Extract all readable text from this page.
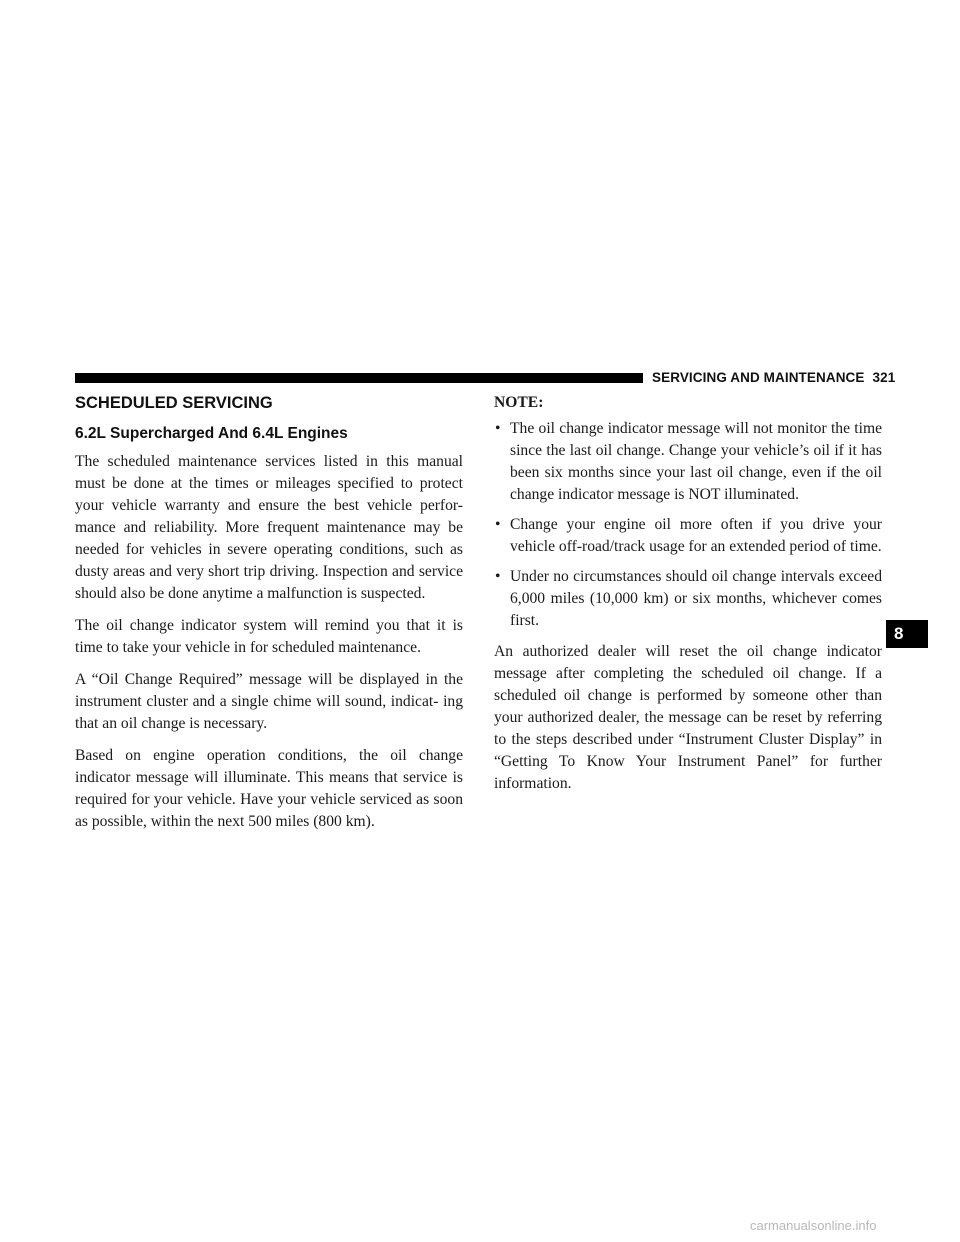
SERVICING AND MAINTENANCE 321
SCHEDULED SERVICING
6.2L Supercharged And 6.4L Engines

The scheduled maintenance services listed in this manual must be done at the times or mileages specified to protect your vehicle warranty and ensure the best vehicle perfor- mance and reliability. More frequent maintenance may be needed for vehicles in severe operating conditions, such as dusty areas and very short trip driving. Inspection and service should also be done anytime a malfunction is suspected.

The oil change indicator system will remind you that it is time to take your vehicle in for scheduled maintenance.

A “Oil Change Required” message will be displayed in the instrument cluster and a single chime will sound, indicat- ing that an oil change is necessary.

Based on engine operation conditions, the oil change indicator message will illuminate. This means that service is required for your vehicle. Have your vehicle serviced as soon as possible, within the next 500 miles (800 km).

NOTE:
• The oil change indicator message will not monitor the time since the last oil change. Change your vehicle’s oil if it has been six months since your last oil change, even if the oil change indicator message is NOT illuminated.
• Change your engine oil more often if you drive your vehicle off-road/track usage for an extended period of time.
• Under no circumstances should oil change intervals exceed 6,000 miles (10,000 km) or six months, whichever comes first.

An authorized dealer will reset the oil change indicator message after completing the scheduled oil change. If a scheduled oil change is performed by someone other than your authorized dealer, the message can be reset by referring to the steps described under “Instrument Cluster Display” in “Getting To Know Your Instrument Panel” for further information.

8
carmanualsonline.info
